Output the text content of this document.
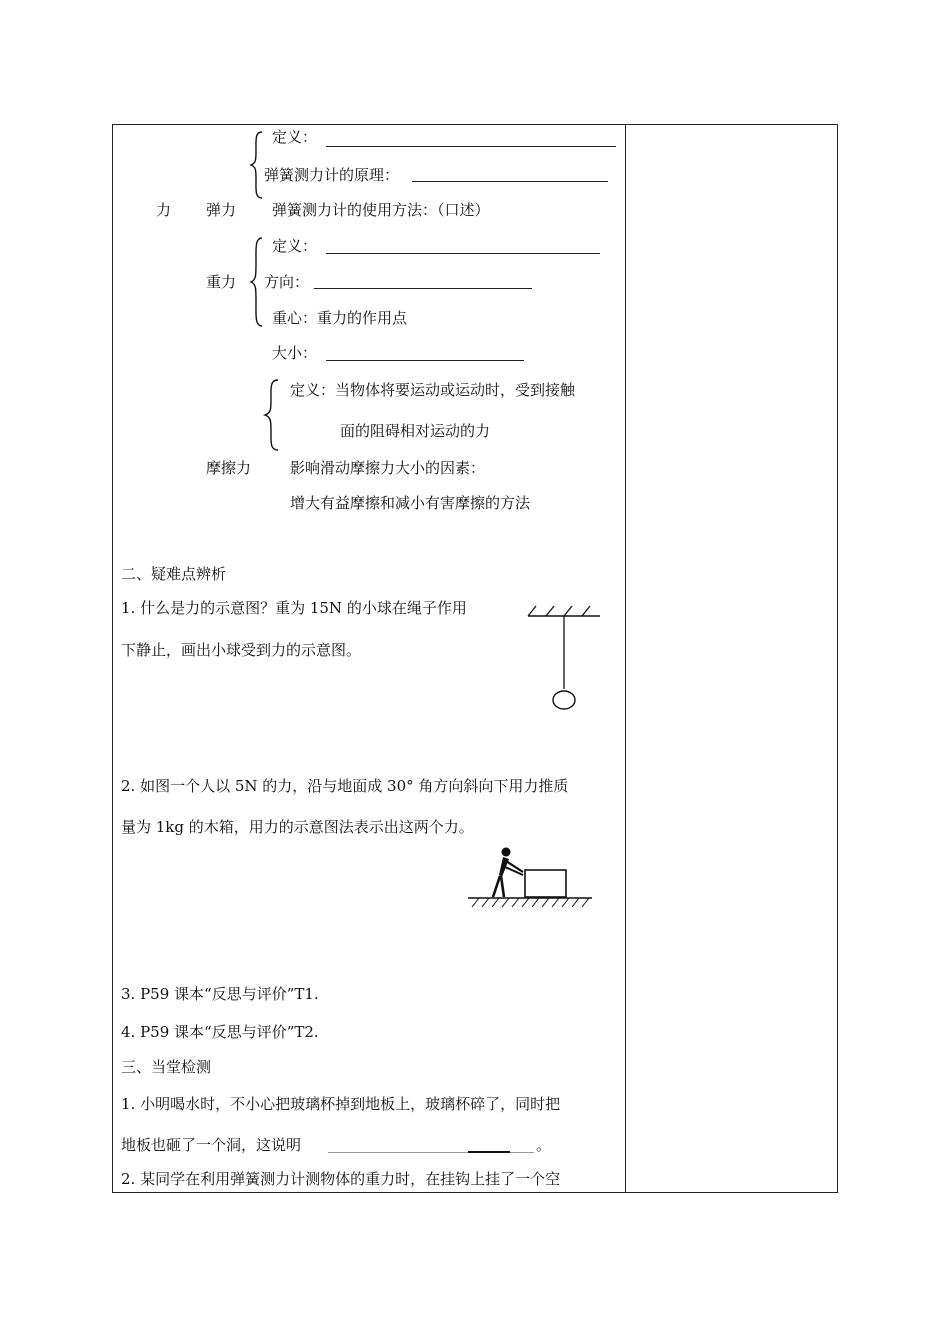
定义：
弹簧测力计的原理：
力 弹力 弹簧测力计的使用方法：（口述）
定义：
重力 方向：
重心：重力的作用点
大小：
定义：当物体将要运动或运动时，受到接触
面的阻碍相对运动的力
摩擦力	影响滑动摩擦力大小的因素：
增大有益摩擦和减小有害摩擦的方法
二、疑难点辨析
1. 什么是力的示意图？重为 15N 的小球在绳子作用
下静止，画出小球受到力的示意图。
2. 如图一个人以 5N 的力，沿与地面成 30° 角方向斜向下用力推质
量为 1kg 的木箱，用力的示意图法表示出这两个力。
3. P59 课本“反思与评价”T1.
4. P59 课本“反思与评价”T2.
三、当堂检测
1. 小明喝水时，不小心把玻璃杯掉到地板上，玻璃杯碎了，同时把
地板也砸了一个洞，这说明	。
2. 某同学在利用弹簧测力计测物体的重力时，在挂钩上挂了一个空
